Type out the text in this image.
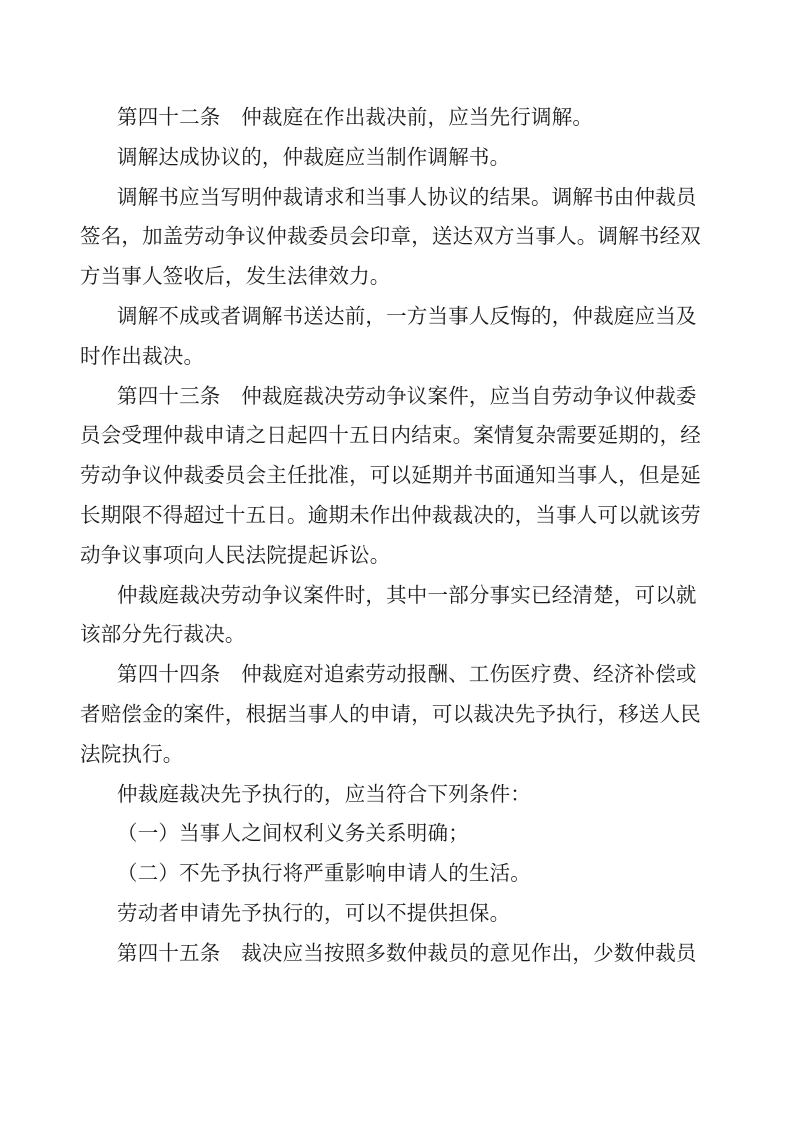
第四十二条　仲裁庭在作出裁决前，应当先行调解。
调解达成协议的，仲裁庭应当制作调解书。
调解书应当写明仲裁请求和当事人协议的结果。调解书由仲裁员
签名，加盖劳动争议仲裁委员会印章，送达双方当事人。调解书经双
方当事人签收后，发生法律效力。
调解不成或者调解书送达前，一方当事人反悔的，仲裁庭应当及
时作出裁决。
第四十三条　仲裁庭裁决劳动争议案件，应当自劳动争议仲裁委
员会受理仲裁申请之日起四十五日内结束。案情复杂需要延期的，经
劳动争议仲裁委员会主任批准，可以延期并书面通知当事人，但是延
长期限不得超过十五日。逾期未作出仲裁裁决的，当事人可以就该劳
动争议事项向人民法院提起诉讼。
仲裁庭裁决劳动争议案件时，其中一部分事实已经清楚，可以就
该部分先行裁决。
第四十四条　仲裁庭对追索劳动报酬、工伤医疗费、经济补偿或
者赔偿金的案件，根据当事人的申请，可以裁决先予执行，移送人民
法院执行。
仲裁庭裁决先予执行的，应当符合下列条件：
（一）当事人之间权利义务关系明确；
（二）不先予执行将严重影响申请人的生活。
劳动者申请先予执行的，可以不提供担保。
第四十五条　裁决应当按照多数仲裁员的意见作出，少数仲裁员
